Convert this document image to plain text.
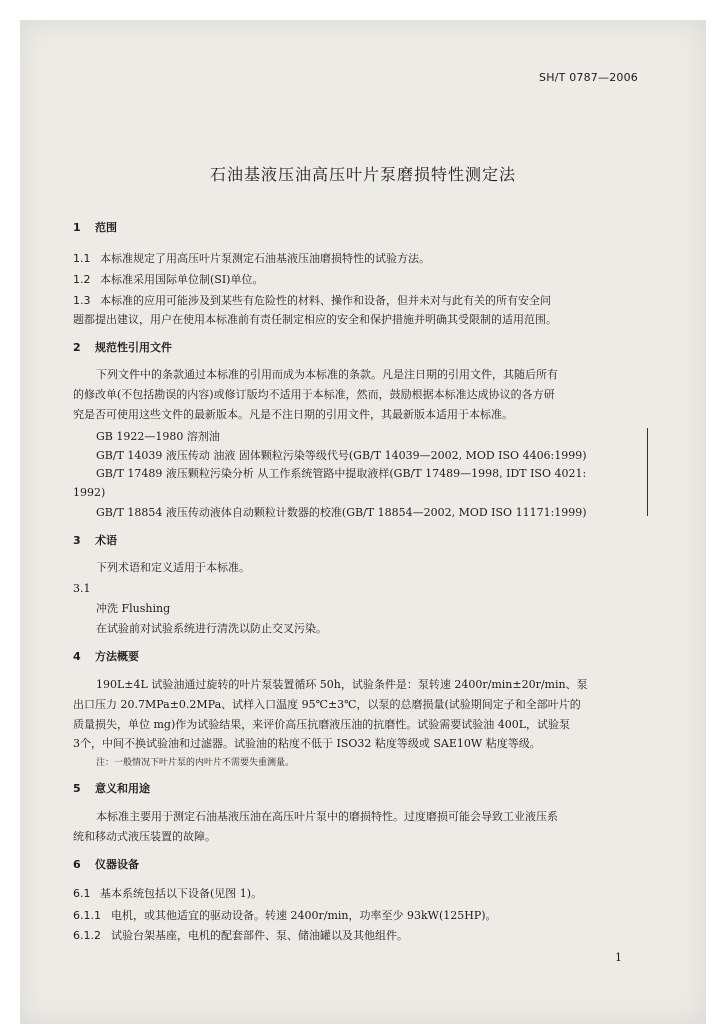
SH/T 0787—2006
石油基液压油高压叶片泵磨损特性测定法
1 范围
1.1 本标准规定了用高压叶片泵测定石油基液压油磨损特性的试验方法。
1.2 本标准采用国际单位制(SI)单位。
1.3 本标准的应用可能涉及到某些有危险性的材料、操作和设备，但并未对与此有关的所有安全问
题都提出建议，用户在使用本标准前有责任制定相应的安全和保护措施并明确其受限制的适用范围。
2 规范性引用文件
下列文件中的条款通过本标准的引用而成为本标准的条款。凡是注日期的引用文件，其随后所有
的修改单(不包括勘误的内容)或修订版均不适用于本标准，然而，鼓励根据本标准达成协议的各方研
究是否可使用这些文件的最新版本。凡是不注日期的引用文件，其最新版本适用于本标准。
GB 1922—1980 溶剂油
GB/T 14039 液压传动 油液 固体颗粒污染等级代号(GB/T 14039—2002, MOD ISO 4406:1999)
GB/T 17489 液压颗粒污染分析 从工作系统管路中提取液样(GB/T 17489—1998, IDT ISO 4021:
1992)
GB/T 18854 液压传动液体自动颗粒计数器的校准(GB/T 18854—2002, MOD ISO 11171:1999)
3 术语
下列术语和定义适用于本标准。
3.1
冲洗 Flushing
在试验前对试验系统进行清洗以防止交叉污染。
4 方法概要
190L±4L 试验油通过旋转的叶片泵装置循环 50h，试验条件是：泵转速 2400r/min±20r/min、泵
出口压力 20.7MPa±0.2MPa、试样入口温度 95℃±3℃，以泵的总磨损量(试验期间定子和全部叶片的
质量损失，单位 mg)作为试验结果，来评价高压抗磨液压油的抗磨性。试验需要试验油 400L，试验泵
3个，中间不换试验油和过滤器。试验油的粘度不低于 ISO32 粘度等级或 SAE10W 粘度等级。
注：一般情况下叶片泵的内叶片不需要失重测量。
5 意义和用途
本标准主要用于测定石油基液压油在高压叶片泵中的磨损特性。过度磨损可能会导致工业液压系
统和移动式液压装置的故障。
6 仪器设备
6.1 基本系统包括以下设备(见图 1)。
6.1.1 电机，或其他适宜的驱动设备。转速 2400r/min，功率至少 93kW(125HP)。
6.1.2 试验台架基座，电机的配套部件、泵、储油罐以及其他组件。
1
